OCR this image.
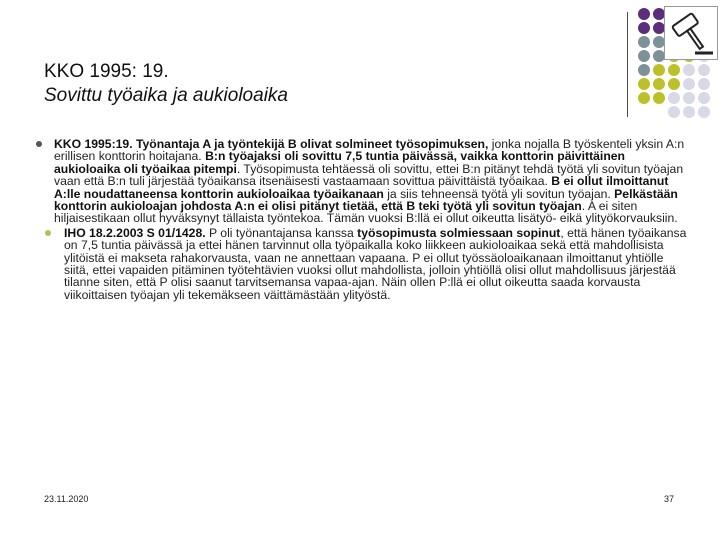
KKO 1995: 19.
Sovittu työaika ja aukioloaika
KKO 1995:19. Työnantaja A ja työntekijä B olivat solmineet työsopimuksen, jonka nojalla B työskenteli yksin A:n erillisen konttorin hoitajana. B:n työajaksi oli sovittu 7,5 tuntia päivässä, vaikka konttorin päivittäinen aukioloaika oli työaikaa pitempi. Työsopimusta tehtäessä oli sovittu, ettei B:n pitänyt tehdä työtä yli sovitun työajan vaan että B:n tuli järjestää työaikansa itsenäisesti vastaamaan sovittua päivittäistä työaikaa. B ei ollut ilmoittanut A:lle noudattaneensa konttorin aukioloaikaa työaikanaan ja siis tehneensä työtä yli sovitun työajan. Pelkästään konttorin aukioloajan johdosta A:n ei olisi pitänyt tietää, että B teki työtä yli sovitun työajan. A ei siten hiljaisestikaan ollut hyväksynyt tällaista työntekoa. Tämän vuoksi B:llä ei ollut oikeutta lisätyö- eikä ylityökorvauksiin.
IHO 18.2.2003 S 01/1428. P oli työnantajansa kanssa työsopimusta solmiessaan sopinut, että hänen työaikansa on 7,5 tuntia päivässä ja ettei hänen tarvinnut olla työpaikalla koko liikkeen aukioloaikaa sekä että mahdollisista ylitöistä ei makseta rahakorvausta, vaan ne annettaan vapaana. P ei ollut työssäoloaikanaan ilmoittanut yhtiölle siitä, ettei vapaiden pitäminen työtehtävien vuoksi ollut mahdollista, jolloin yhtiöllä olisi ollut mahdollisuus järjestää tilanne siten, että P olisi saanut tarvitsemansa vapaa-ajan. Näin ollen P:llä ei ollut oikeutta saada korvausta viikoittaisen työajan yli tekemäkseen väittämästään ylityöstä.
23.11.2020	37
